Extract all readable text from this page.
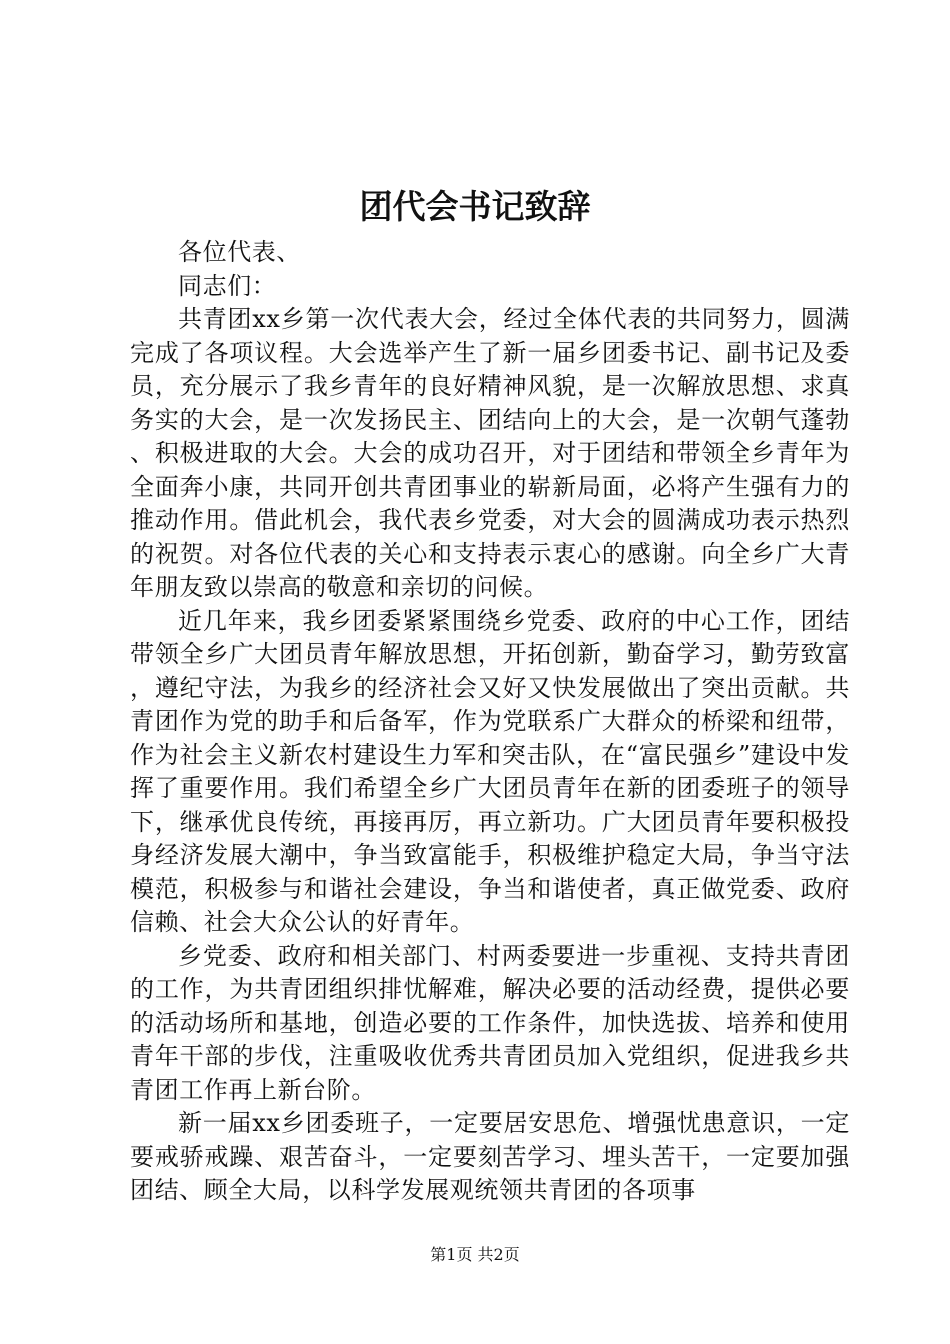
团代会书记致辞

各位代表、

同志们：

共青团xx乡第一次代表大会，经过全体代表的共同努力，圆满完成了各项议程。大会选举产生了新一届乡团委书记、副书记及委员，充分展示了我乡青年的良好精神风貌，是一次解放思想、求真务实的大会，是一次发扬民主、团结向上的大会，是一次朝气蓬勃、积极进取的大会。大会的成功召开，对于团结和带领全乡青年为全面奔小康，共同开创共青团事业的崭新局面，必将产生强有力的推动作用。借此机会，我代表乡党委，对大会的圆满成功表示热烈的祝贺。对各位代表的关心和支持表示衷心的感谢。向全乡广大青年朋友致以崇高的敬意和亲切的问候。

近几年来，我乡团委紧紧围绕乡党委、政府的中心工作，团结带领全乡广大团员青年解放思想，开拓创新，勤奋学习，勤劳致富，遵纪守法，为我乡的经济社会又好又快发展做出了突出贡献。共青团作为党的助手和后备军，作为党联系广大群众的桥梁和纽带，作为社会主义新农村建设生力军和突击队，在“富民强乡”建设中发挥了重要作用。我们希望全乡广大团员青年在新的团委班子的领导下，继承优良传统，再接再厉，再立新功。广大团员青年要积极投身经济发展大潮中，争当致富能手，积极维护稳定大局，争当守法模范，积极参与和谐社会建设，争当和谐使者，真正做党委、政府信赖、社会大众公认的好青年。

乡党委、政府和相关部门、村两委要进一步重视、支持共青团的工作，为共青团组织排忧解难，解决必要的活动经费，提供必要的活动场所和基地，创造必要的工作条件，加快选拔、培养和使用青年干部的步伐，注重吸收优秀共青团员加入党组织，促进我乡共青团工作再上新台阶。

新一届xx乡团委班子，一定要居安思危、增强忧患意识，一定要戒骄戒躁、艰苦奋斗，一定要刻苦学习、埋头苦干，一定要加强团结、顾全大局，以科学发展观统领共青团的各项事

第1页 共2页
